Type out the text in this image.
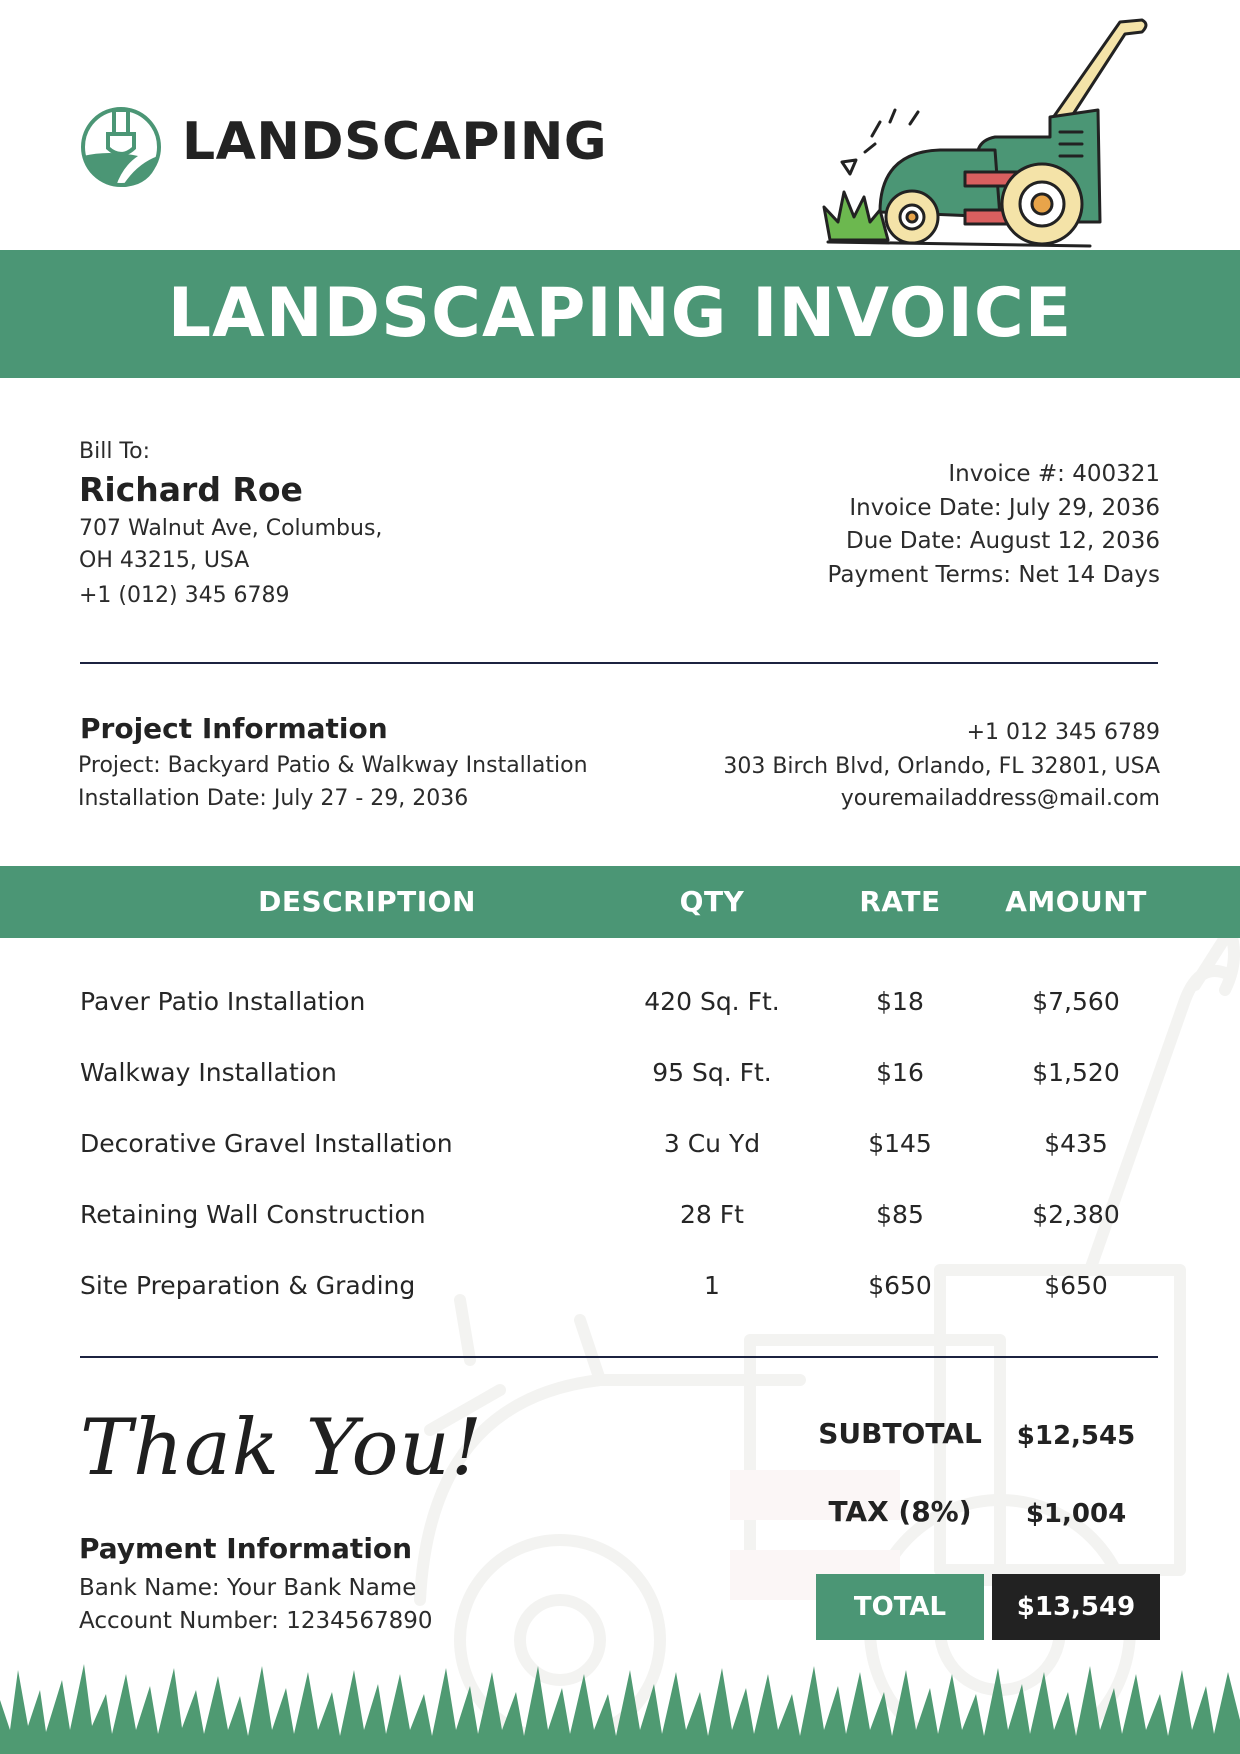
LANDSCAPING
LANDSCAPING INVOICE
Bill To:
Richard Roe
707 Walnut Ave, Columbus,
OH 43215, USA
+1 (012) 345 6789
Invoice #: 400321
Invoice Date: July 29, 2036
Due Date: August 12, 2036
Payment Terms: Net 14 Days
Project Information
Project: Backyard Patio & Walkway Installation
Installation Date: July 27 - 29, 2036
+1 012 345 6789
303 Birch Blvd, Orlando, FL 32801, USA
youremailaddress@mail.com
DESCRIPTION	QTY	RATE	AMOUNT
Paver Patio Installation	420 Sq. Ft.	$18	$7,560
Walkway Installation	95 Sq. Ft.	$16	$1,520
Decorative Gravel Installation	3 Cu Yd	$145	$435
Retaining Wall Construction	28 Ft	$85	$2,380
Site Preparation & Grading	1	$650	$650
Thak You!
Payment Information
Bank Name: Your Bank Name
Account Number: 1234567890
SUBTOTAL	$12,545
TAX (8%)	$1,004
TOTAL	$13,549
